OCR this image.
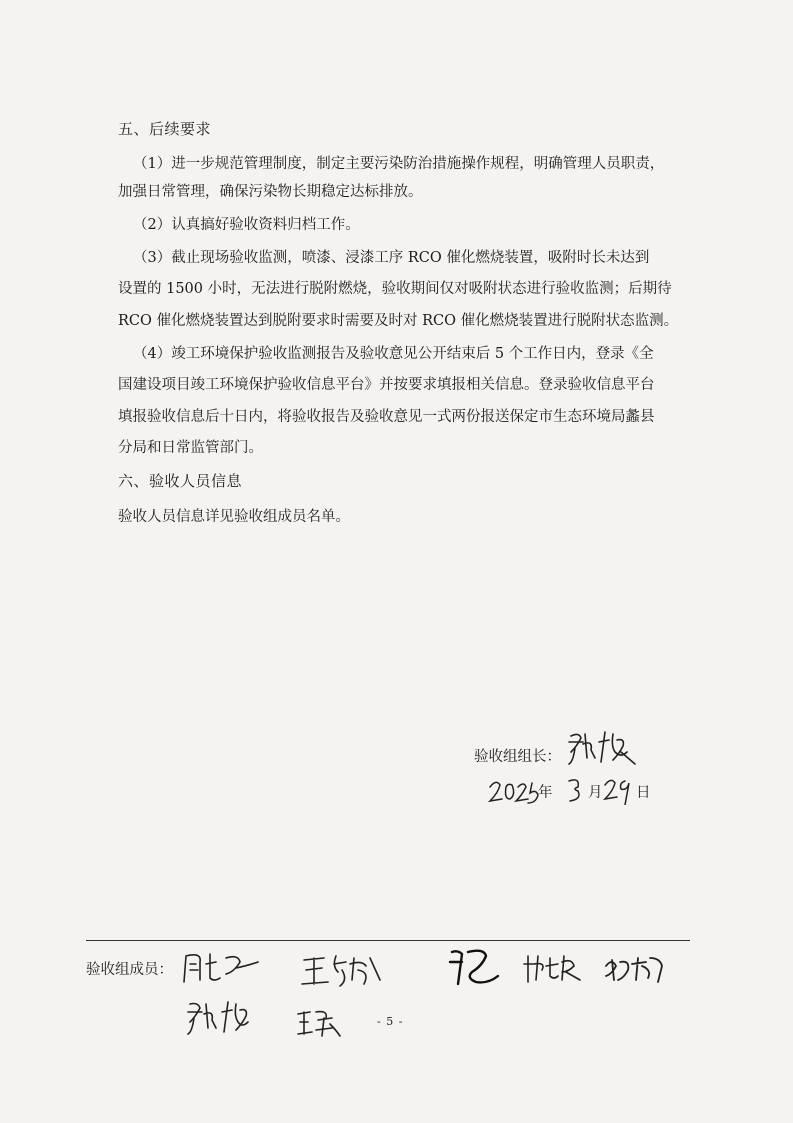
五、后续要求
（1）进一步规范管理制度，制定主要污染防治措施操作规程，明确管理人员职责，
加强日常管理，确保污染物长期稳定达标排放。
（2）认真搞好验收资料归档工作。
（3）截止现场验收监测，喷漆、浸漆工序 RCO 催化燃烧装置，吸附时长未达到
设置的 1500 小时，无法进行脱附燃烧，验收期间仅对吸附状态进行验收监测；后期待
RCO 催化燃烧装置达到脱附要求时需要及时对 RCO 催化燃烧装置进行脱附状态监测。
（4）竣工环境保护验收监测报告及验收意见公开结束后 5 个工作日内，登录《全
国建设项目竣工环境保护验收信息平台》并按要求填报相关信息。登录验收信息平台
填报验收信息后十日内，将验收报告及验收意见一式两份报送保定市生态环境局蠡县
分局和日常监管部门。
六、验收人员信息
验收人员信息详见验收组成员名单。
验收组组长：
年 月 日
验收组成员：
- 5 -
